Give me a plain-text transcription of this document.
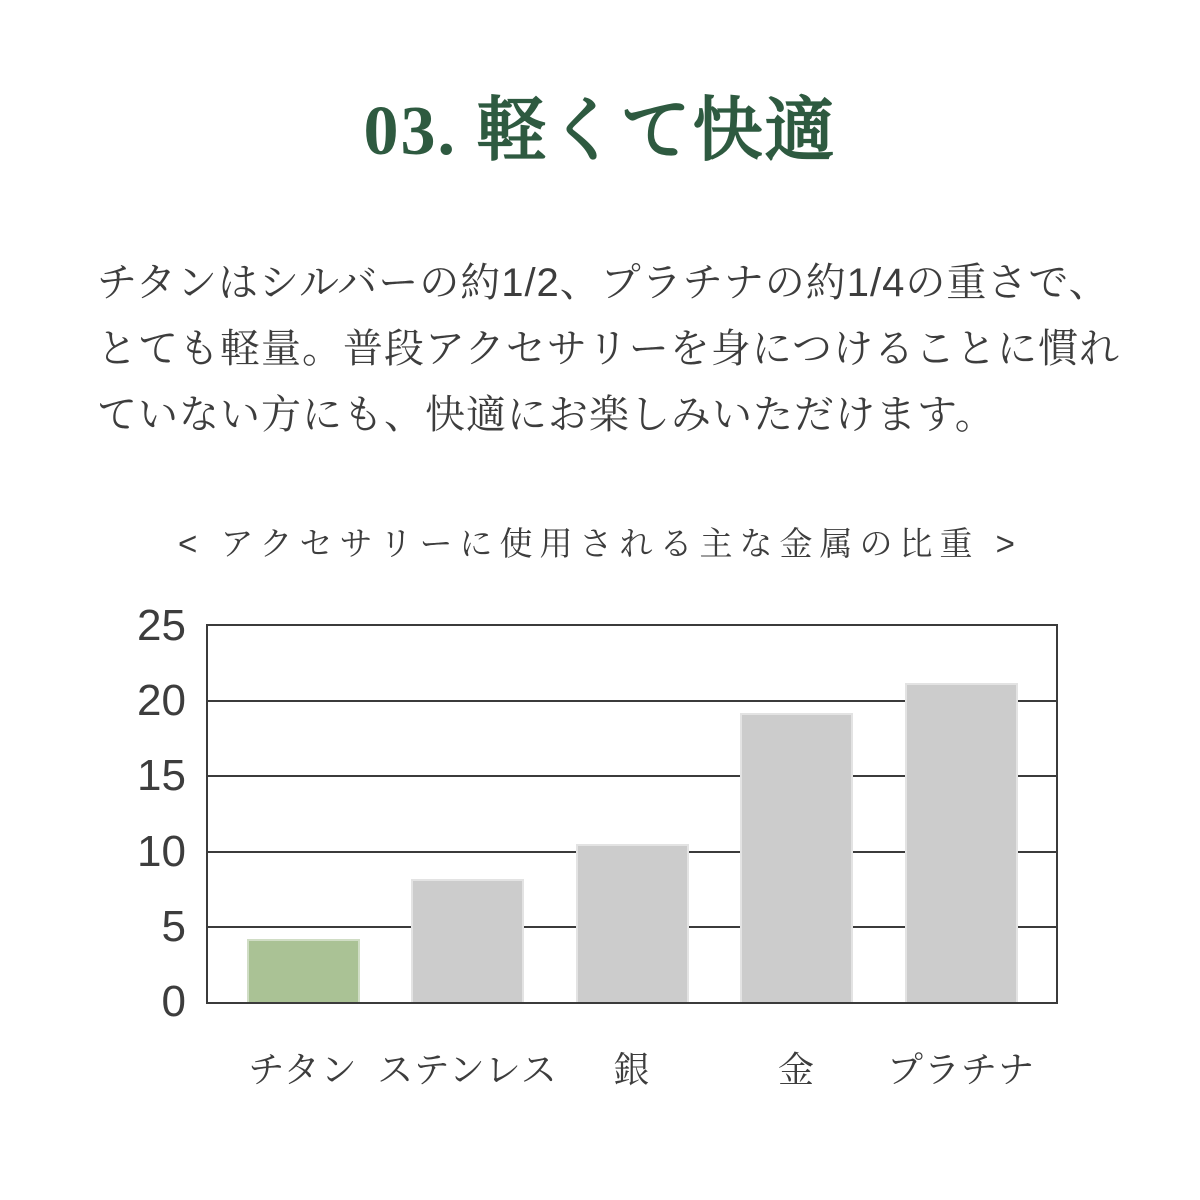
03. 軽くて快適
チタンはシルバーの約1/2、プラチナの約1/4の重さで、
とても軽量。普段アクセサリーを身につけることに慣れ
ていない方にも、快適にお楽しみいただけます。
< アクセサリーに使用される主な金属の比重 >
0
5
10
15
20
25
チタン ステンレス	銀	金	プラチナ
